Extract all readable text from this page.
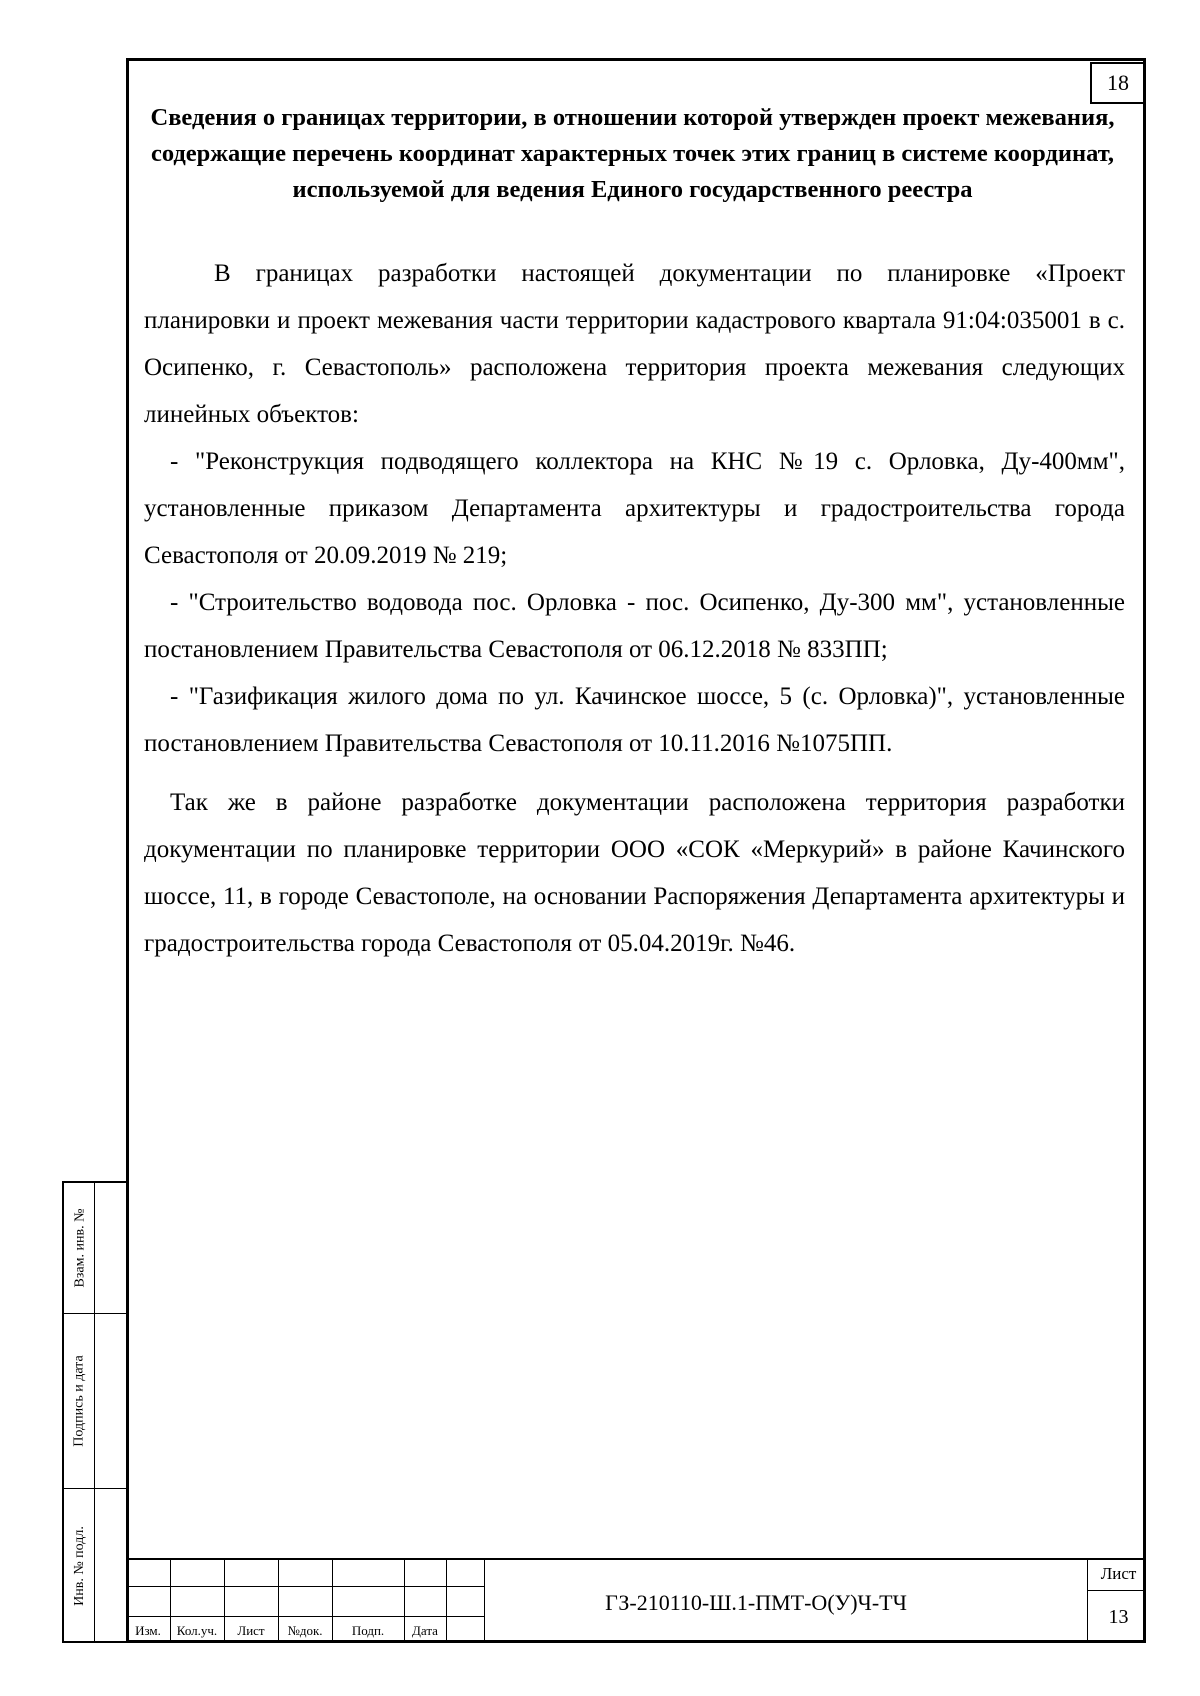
18
Сведения о границах территории, в отношении которой утвержден проект межевания, содержащие перечень координат характерных точек этих границ в системе координат, используемой для ведения Единого государственного реестра

В границах разработки настоящей документации по планировке «Проект планировки и проект межевания части территории кадастрового квартала 91:04:035001 в с. Осипенко, г. Севастополь» расположена территория проекта межевания следующих линейных объектов:

- "Реконструкция подводящего коллектора на КНС №19 с. Орловка, Ду-400мм", установленные приказом Департамента архитектуры и градостроительства города Севастополя от 20.09.2019 № 219;

- "Строительство водовода пос. Орловка - пос. Осипенко, Ду-300 мм", установленные постановлением Правительства Севастополя от 06.12.2018 № 833ПП;

- "Газификация жилого дома по ул. Качинское шоссе, 5 (с. Орловка)", установленные постановлением Правительства Севастополя от 10.11.2016 №1075ПП.

Так же в районе разработке документации расположена территория разработки документации по планировке территории ООО «СОК «Меркурий» в районе Качинского шоссе, 11, в городе Севастополе, на основании Распоряжения Департамента архитектуры и градостроительства города Севастополя от 05.04.2019г. №46.

Взам. инв. №
Подпись и дата
Инв. № подл.
Изм.	Кол.уч.	Лист	№док.	Подп.	Дата
ГЗ-210110-Ш.1-ПМТ-О(У)Ч-ТЧ
Лист
13
